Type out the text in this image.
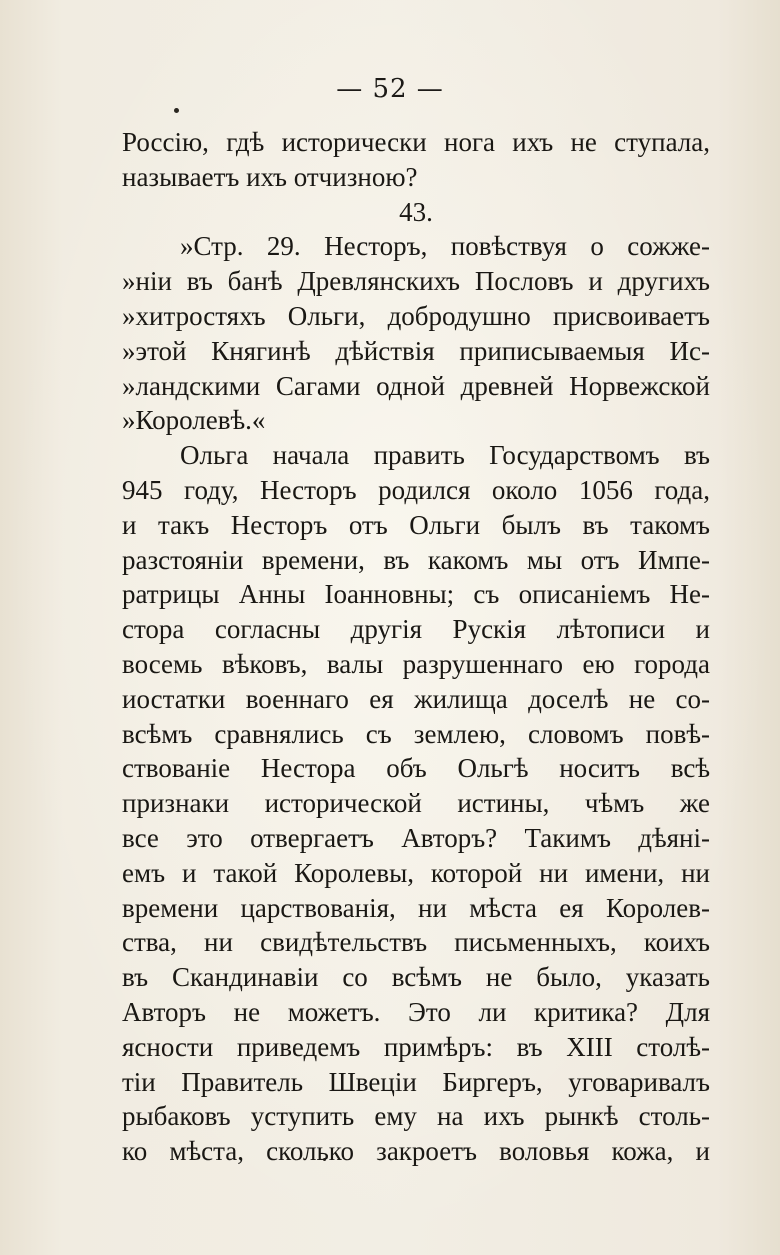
— 52 —
Россію, гдѣ исторически нога ихъ не ступала,
называетъ ихъ отчизною?
43.
»Стр. 29. Несторъ, повѣствуя о сожже-
»ніи въ банѣ Древлянскихъ Пословъ и другихъ
»хитростяхъ Ольги, добродушно присвоиваетъ
»этой Княгинѣ дѣйствія приписываемыя Ис-
»ландскими Сагами одной древней Норвежской
»Королевѣ.«
Ольга начала править Государствомъ въ
945 году, Несторъ родился около 1056 года,
и такъ Несторъ отъ Ольги былъ въ такомъ
разстояніи времени, въ какомъ мы отъ Импе-
ратрицы Анны Іоанновны; съ описаніемъ Не-
стора согласны другія Рускія лѣтописи и
восемь вѣковъ, валы разрушеннаго ею города
иостатки военнаго ея жилища доселѣ не со-
всѣмъ сравнялись съ землею, словомъ повѣ-
ствованіе Нестора объ Ольгѣ носитъ всѣ
признаки исторической истины, чѣмъ же
все это отвергаетъ Авторъ? Такимъ дѣяні-
емъ и такой Королевы, которой ни имени, ни
времени царствованія, ни мѣста ея Королев-
ства, ни свидѣтельствъ письменныхъ, коихъ
въ Скандинавіи со всѣмъ не было, указать
Авторъ не можетъ. Это ли критика? Для
ясности приведемъ примѣръ: въ XIII столѣ-
тіи Правитель Швеціи Биргеръ, уговаривалъ
рыбаковъ уступить ему на ихъ рынкѣ столь-
ко мѣста, сколько закроетъ воловья кожа, и
